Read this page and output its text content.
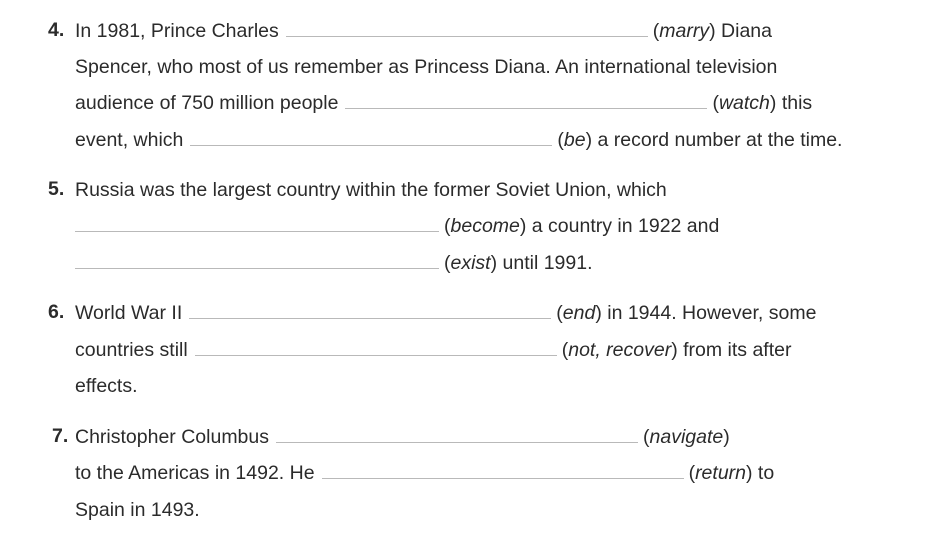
4. In 1981, Prince Charles	(marry) Diana
Spencer, who most of us remember as Princess Diana. An international television
audience of 750 million people	(watch) this
event, which	(be) a record number at the time.
5. Russia was the largest country within the former Soviet Union, which
(become) a country in 1922 and
(exist) until 1991.
6. World War II	(end) in 1944. However, some
countries still	(not, recover) from its after
effects.
7. Christopher Columbus	(navigate)
to the Americas in 1492. He	(return) to
Spain in 1493.
